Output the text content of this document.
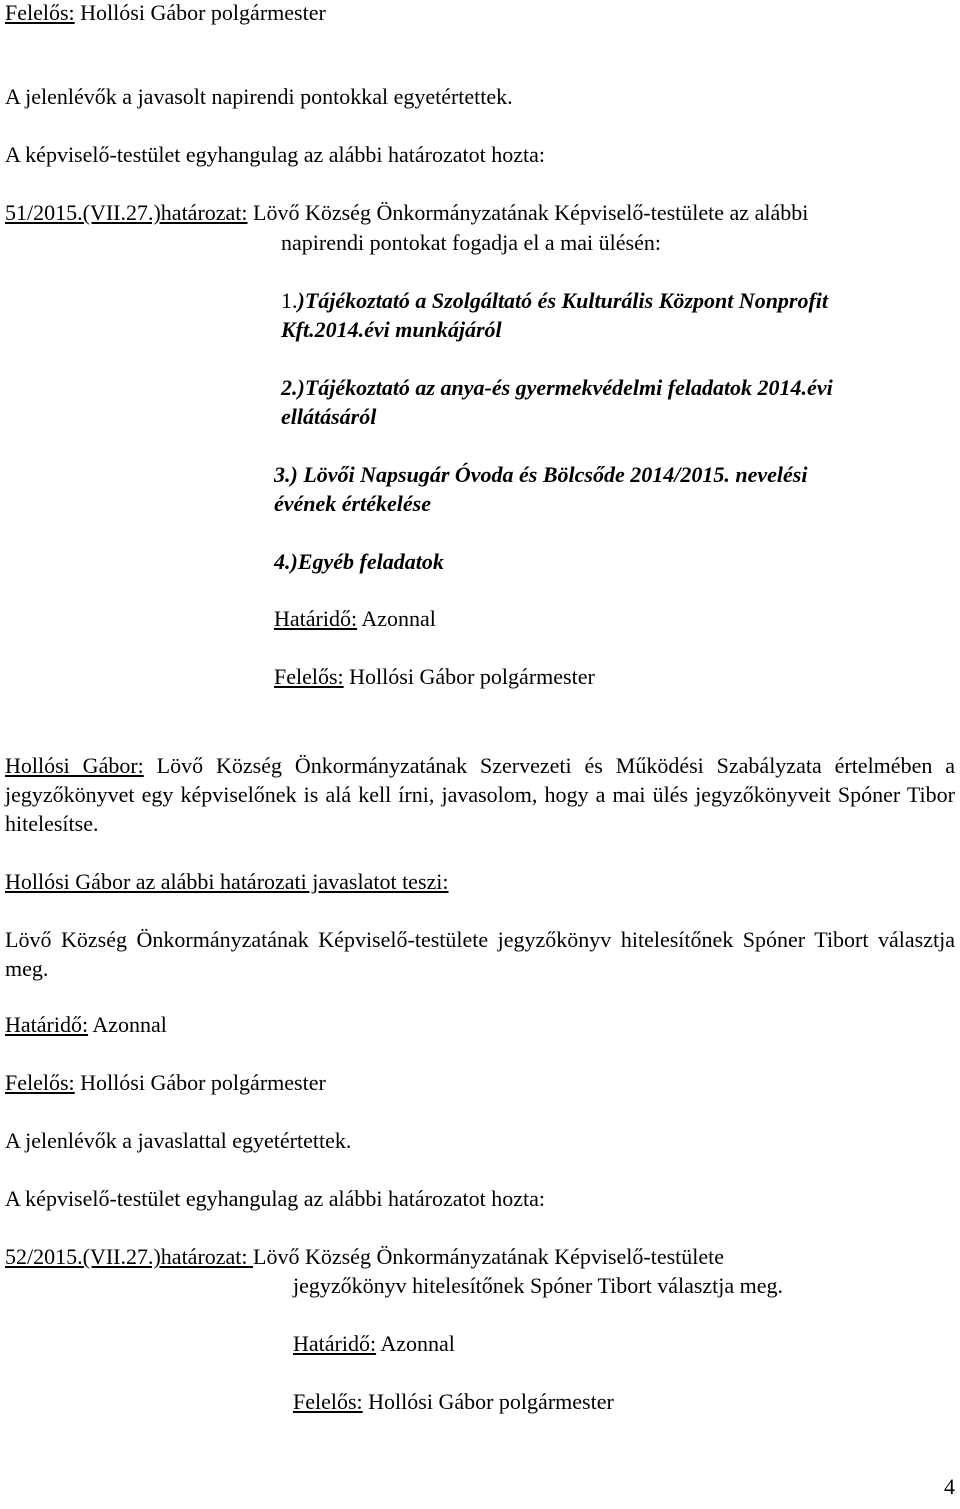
Felelős: Hollósi Gábor polgármester
A jelenlévők a javasolt napirendi pontokkal egyetértettek.
A képviselő-testület egyhangulag az alábbi határozatot hozta:
51/2015.(VII.27.)határozat: Lövő Község Önkormányzatának Képviselő-testülete az alábbi
napirendi pontokat fogadja el a mai ülésén:
1.)Tájékoztató a Szolgáltató és Kulturális Központ Nonprofit
Kft.2014.évi munkájáról
2.)Tájékoztató az anya-és gyermekvédelmi feladatok 2014.évi
ellátásáról
3.) Lövői Napsugár Óvoda és Bölcsőde 2014/2015. nevelési
évének értékelése
4.)Egyéb feladatok
Határidő: Azonnal
Felelős: Hollósi Gábor polgármester
Hollósi Gábor: Lövő Község Önkormányzatának Szervezeti és Működési Szabályzata értelmében a jegyzőkönyvet egy képviselőnek is alá kell írni, javasolom, hogy a mai ülés jegyzőkönyveit Spóner Tibor hitelesítse.
Hollósi Gábor az alábbi határozati javaslatot teszi:
Lövő Község Önkormányzatának Képviselő-testülete jegyzőkönyv hitelesítőnek Spóner Tibort választja meg.
Határidő: Azonnal
Felelős: Hollósi Gábor polgármester
A jelenlévők a javaslattal egyetértettek.
A képviselő-testület egyhangulag az alábbi határozatot hozta:
52/2015.(VII.27.)határozat: Lövő Község Önkormányzatának Képviselő-testülete
jegyzőkönyv hitelesítőnek Spóner Tibort választja meg.
Határidő: Azonnal
Felelős: Hollósi Gábor polgármester
4
